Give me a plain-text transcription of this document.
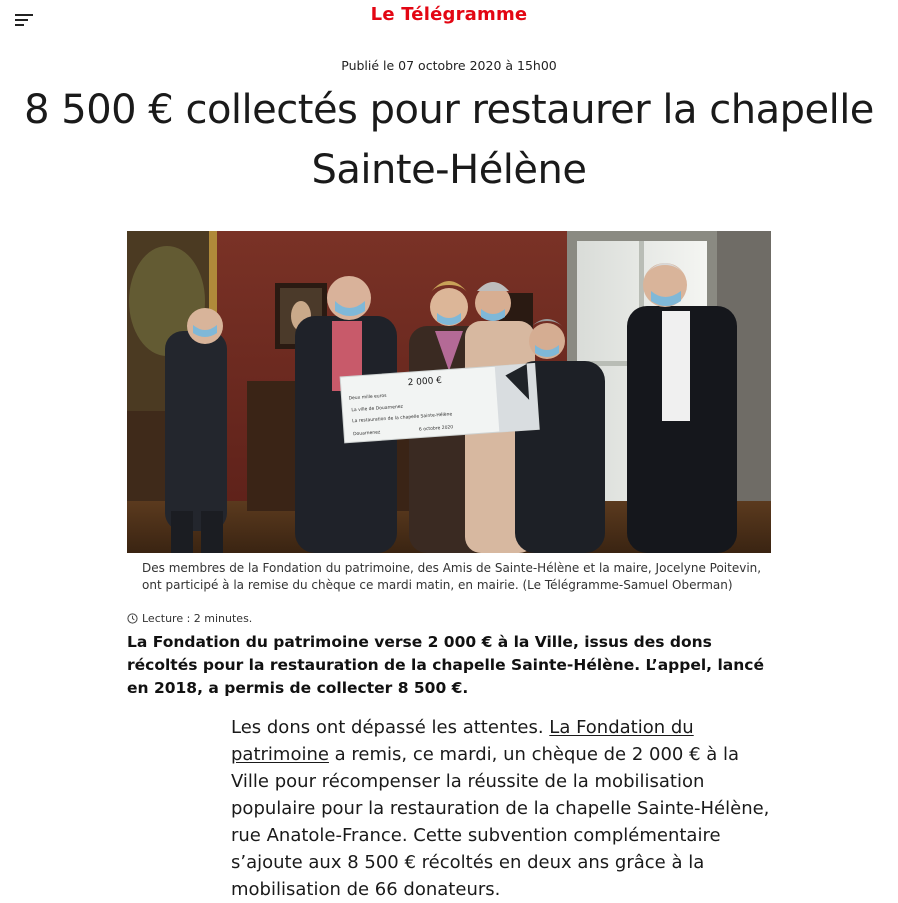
Le Télégramme
Publié le 07 octobre 2020 à 15h00
8 500 € collectés pour restaurer la chapelle
Sainte-Hélène
2 000 €
Deux mille euros
La ville de Douarnenez
La restauration de la chapelle Sainte-Hélène
Douarnenez
6 octobre 2020
Des membres de la Fondation du patrimoine, des Amis de Sainte-Hélène et la maire, Jocelyne Poitevin, ont participé à la remise du chèque ce mardi matin, en mairie. (Le Télégramme-Samuel Oberman)
Lecture : 2 minutes.

La Fondation du patrimoine verse 2 000 € à la Ville, issus des dons récoltés pour la restauration de la chapelle Sainte-Hélène. L’appel, lancé en 2018, a permis de collecter 8 500 €.

Les dons ont dépassé les attentes. La Fondation du patrimoine a remis, ce mardi, un chèque de 2 000 € à la Ville pour récompenser la réussite de la mobilisation populaire pour la restauration de la chapelle Sainte-Hélène, rue Anatole-France. Cette subvention complémentaire s’ajoute aux 8 500 € récoltés en deux ans grâce à la mobilisation de 66 donateurs.
